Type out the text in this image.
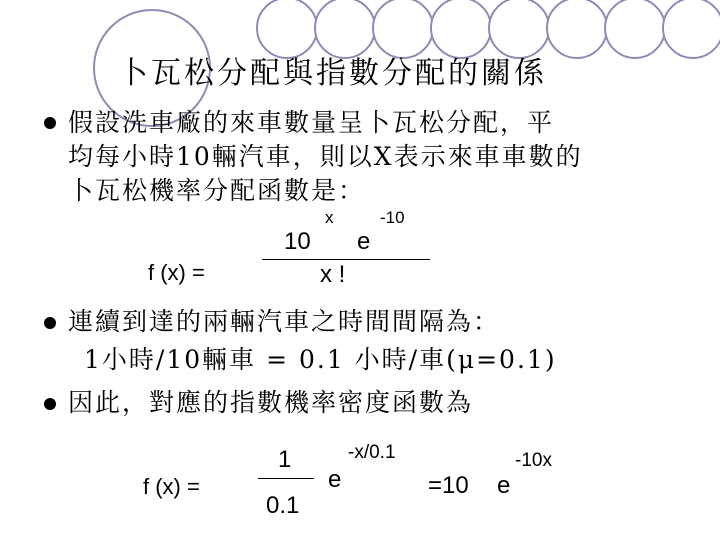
卜瓦松分配與指數分配的關係
假設洗車廠的來車數量呈卜瓦松分配，平
均每小時10輛汽車，則以X表示來車車數的
卜瓦松機率分配函數是：
x	-10
10 e
f (x) =	x !
連續到達的兩輛汽車之時間間隔為：
1小時/10輛車 = 0.1 小時/車(μ=0.1)
因此，對應的指數機率密度函數為
-x/0.1	-10x
1
e
f (x) =	=10 e
0.1
